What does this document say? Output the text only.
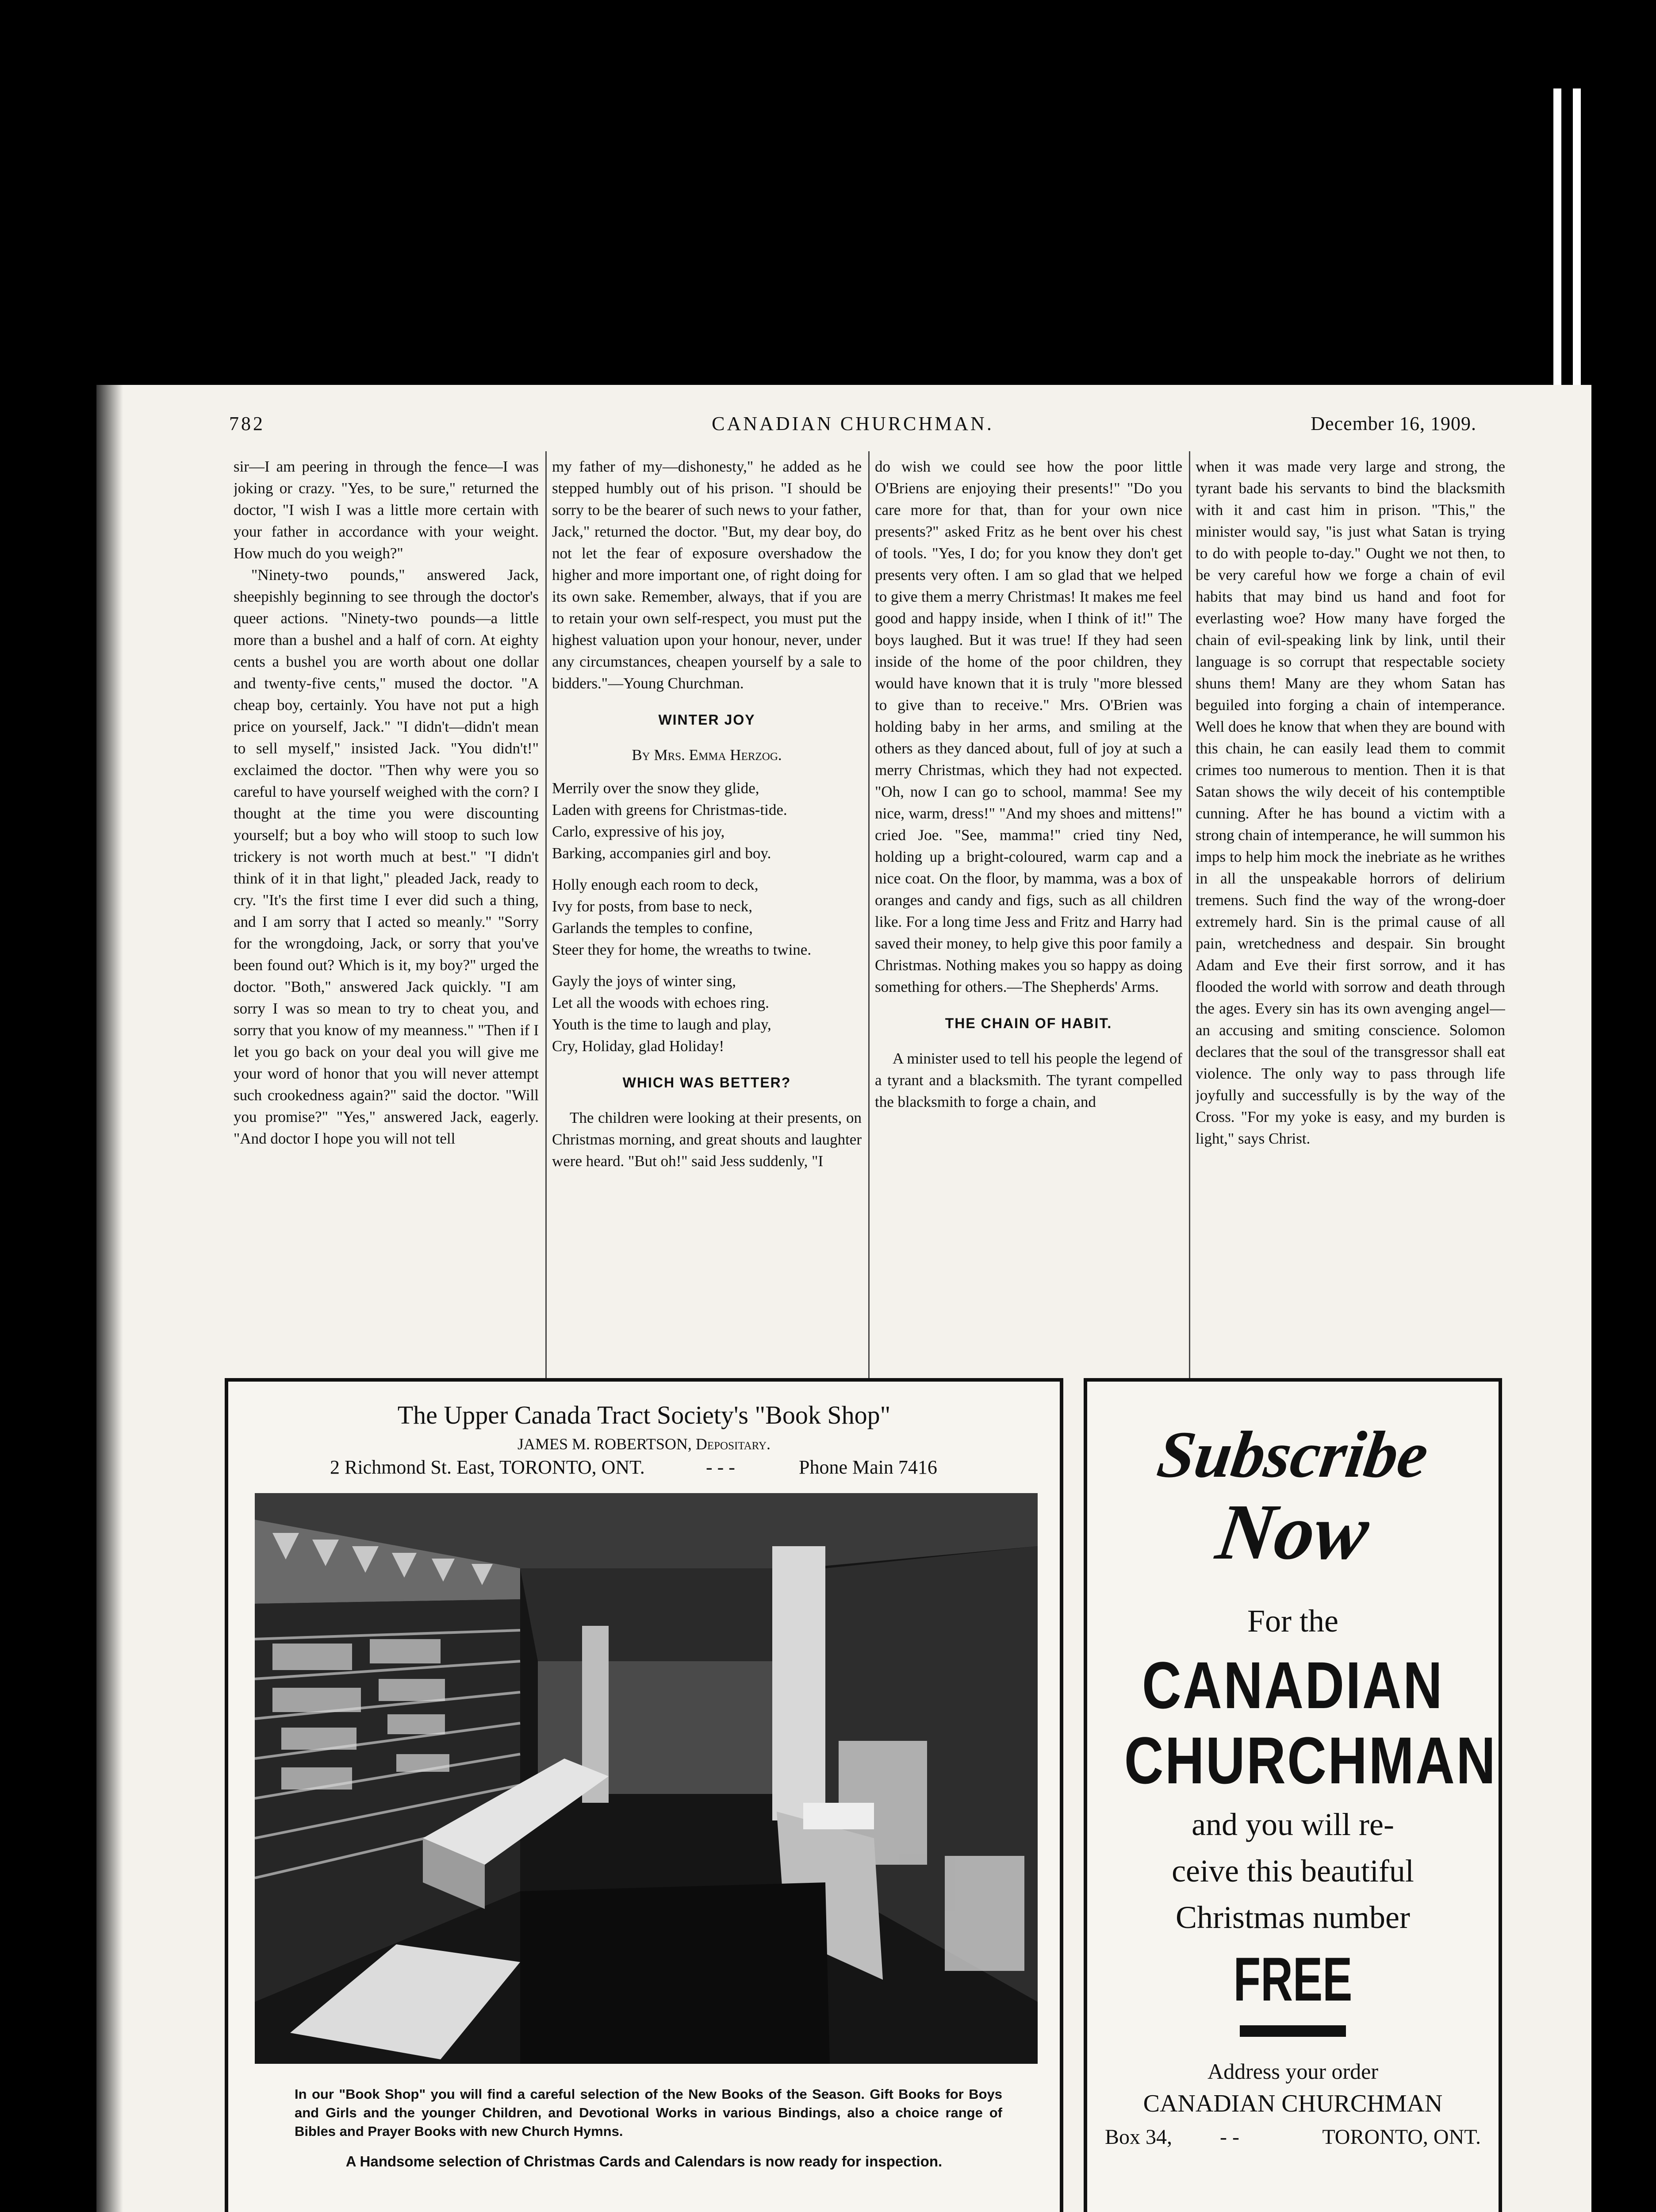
782	CANADIAN CHURCHMAN.	December 16, 1909.

sir—I am peering in through the fence—I was joking or crazy. "Yes, to be sure," returned the doctor, "I wish I was a little more certain with your father in accordance with your weight. How much do you weigh?"

"Ninety-two pounds," answered Jack, sheepishly beginning to see through the doctor's queer actions. "Ninety-two pounds—a little more than a bushel and a half of corn. At eighty cents a bushel you are worth about one dollar and twenty-five cents," mused the doctor. "A cheap boy, certainly. You have not put a high price on yourself, Jack." "I didn't—didn't mean to sell myself," insisted Jack. "You didn't!" exclaimed the doctor. "Then why were you so careful to have yourself weighed with the corn? I thought at the time you were discounting yourself; but a boy who will stoop to such low trickery is not worth much at best." "I didn't think of it in that light," pleaded Jack, ready to cry. "It's the first time I ever did such a thing, and I am sorry that I acted so meanly." "Sorry for the wrongdoing, Jack, or sorry that you've been found out? Which is it, my boy?" urged the doctor. "Both," answered Jack quickly. "I am sorry I was so mean to try to cheat you, and sorry that you know of my meanness." "Then if I let you go back on your deal you will give me your word of honor that you will never attempt such crookedness again?" said the doctor. "Will you promise?" "Yes," answered Jack, eagerly. "And doctor I hope you will not tell

my father of my—dishonesty," he added as he stepped humbly out of his prison. "I should be sorry to be the bearer of such news to your father, Jack," returned the doctor. "But, my dear boy, do not let the fear of exposure overshadow the higher and more important one, of right doing for its own sake. Remember, always, that if you are to retain your own self-respect, you must put the highest valuation upon your honour, never, under any circumstances, cheapen yourself by a sale to bidders."—Young Churchman.

WINTER JOY

By Mrs. Emma Herzog.

Merrily over the snow they glide,
Laden with greens for Christmas-tide.
Carlo, expressive of his joy,
Barking, accompanies girl and boy.
Holly enough each room to deck,
Ivy for posts, from base to neck,
Garlands the temples to confine,
Steer they for home, the wreaths to twine.
Gayly the joys of winter sing,
Let all the woods with echoes ring.
Youth is the time to laugh and play,
Cry, Holiday, glad Holiday!
WHICH WAS BETTER?

The children were looking at their presents, on Christmas morning, and great shouts and laughter were heard. "But oh!" said Jess suddenly, "I

do wish we could see how the poor little O'Briens are enjoying their presents!" "Do you care more for that, than for your own nice presents?" asked Fritz as he bent over his chest of tools. "Yes, I do; for you know they don't get presents very often. I am so glad that we helped to give them a merry Christmas! It makes me feel good and happy inside, when I think of it!" The boys laughed. But it was true! If they had seen inside of the home of the poor children, they would have known that it is truly "more blessed to give than to receive." Mrs. O'Brien was holding baby in her arms, and smiling at the others as they danced about, full of joy at such a merry Christmas, which they had not expected. "Oh, now I can go to school, mamma! See my nice, warm, dress!" "And my shoes and mittens!" cried Joe. "See, mamma!" cried tiny Ned, holding up a bright-coloured, warm cap and a nice coat. On the floor, by mamma, was a box of oranges and candy and figs, such as all children like. For a long time Jess and Fritz and Harry had saved their money, to help give this poor family a Christmas. Nothing makes you so happy as doing something for others.—The Shepherds' Arms.

THE CHAIN OF HABIT.

A minister used to tell his people the legend of a tyrant and a blacksmith. The tyrant compelled the blacksmith to forge a chain, and

when it was made very large and strong, the tyrant bade his servants to bind the blacksmith with it and cast him in prison. "This," the minister would say, "is just what Satan is trying to do with people to-day." Ought we not then, to be very careful how we forge a chain of evil habits that may bind us hand and foot for everlasting woe? How many have forged the chain of evil-speaking link by link, until their language is so corrupt that respectable society shuns them! Many are they whom Satan has beguiled into forging a chain of intemperance. Well does he know that when they are bound with this chain, he can easily lead them to commit crimes too numerous to mention. Then it is that Satan shows the wily deceit of his contemptible cunning. After he has bound a victim with a strong chain of intemperance, he will summon his imps to help him mock the inebriate as he writhes in all the unspeakable horrors of delirium tremens. Such find the way of the wrong-doer extremely hard. Sin is the primal cause of all pain, wretchedness and despair. Sin brought Adam and Eve their first sorrow, and it has flooded the world with sorrow and death through the ages. Every sin has its own avenging angel—an accusing and smiting conscience. Solomon declares that the soul of the transgressor shall eat violence. The only way to pass through life joyfully and successfully is by the way of the Cross. "For my yoke is easy, and my burden is light," says Christ.

The Upper Canada Tract Society's "Book Shop"
JAMES M. ROBERTSON, Depositary.
2 Richmond St. East, TORONTO, ONT.	- - -	Phone Main 7416
In our "Book Shop" you will find a careful selection of the New Books of the Season. Gift Books for Boys and Girls and the younger Children, and Devotional Works in various Bindings, also a choice range of Bibles and Prayer Books with new Church Hymns.
A Handsome selection of Christmas Cards and Calendars is now ready for inspection.
Subscribe
Now
For the
CANADIAN
CHURCHMAN
and you will re-
ceive this beautiful
Christmas number
FREE
Address your order
CANADIAN CHURCHMAN
Box 34, - -	TORONTO, ONT.
